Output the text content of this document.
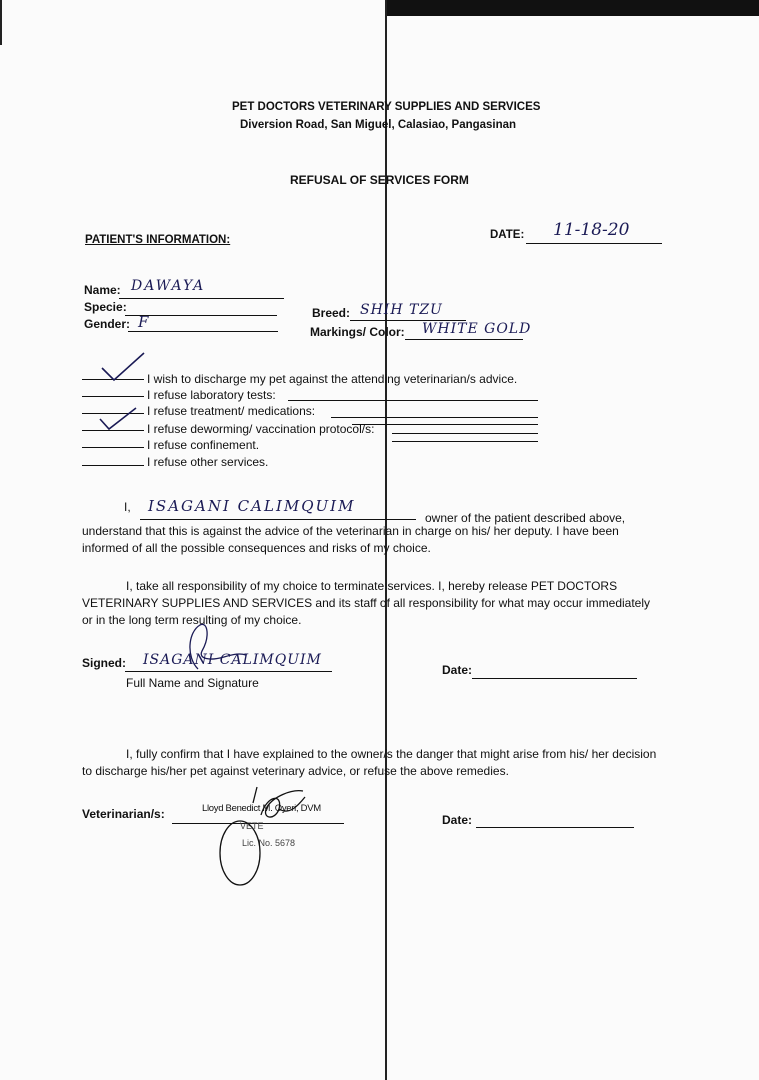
PET DOCTORS VETERINARY SUPPLIES AND SERVICES
Diversion Road, San Miguel, Calasiao, Pangasinan
REFUSAL OF SERVICES FORM
PATIENT'S INFORMATION:	DATE: 11-18-20
Name: DAWAYA
Specie:
Gender: F	Breed: SHIH TZU
Markings/ Color: WHITE GOLD
I wish to discharge my pet against the attending veterinarian/s advice.
I refuse laboratory tests:
I refuse treatment/ medications:
I refuse deworming/ vaccination protocol/s:
I refuse confinement.
I refuse other services.
I, ISAGANI CALIMQUIM
owner of the patient described above,
understand that this is against the advice of the veterinarian in charge on his/ her deputy. I have been informed of all the possible consequences and risks of my choice.
I, take all responsibility of my choice to terminate services. I, hereby release PET DOCTORS VETERINARY SUPPLIES AND SERVICES and its staff of all responsibility for what may occur immediately or in the long term resulting of my choice.
Signed: ISAGANI CALIMQUIM
Full Name and Signature
Date:
I, fully confirm that I have explained to the owner/s the danger that might arise from his/ her decision to discharge his/her pet against veterinary advice, or refuse the above remedies.
Veterinarian/s:	Lloyd Benedict M. Oyeri, DVM
VETE
Lic. No. 5678
Date:
